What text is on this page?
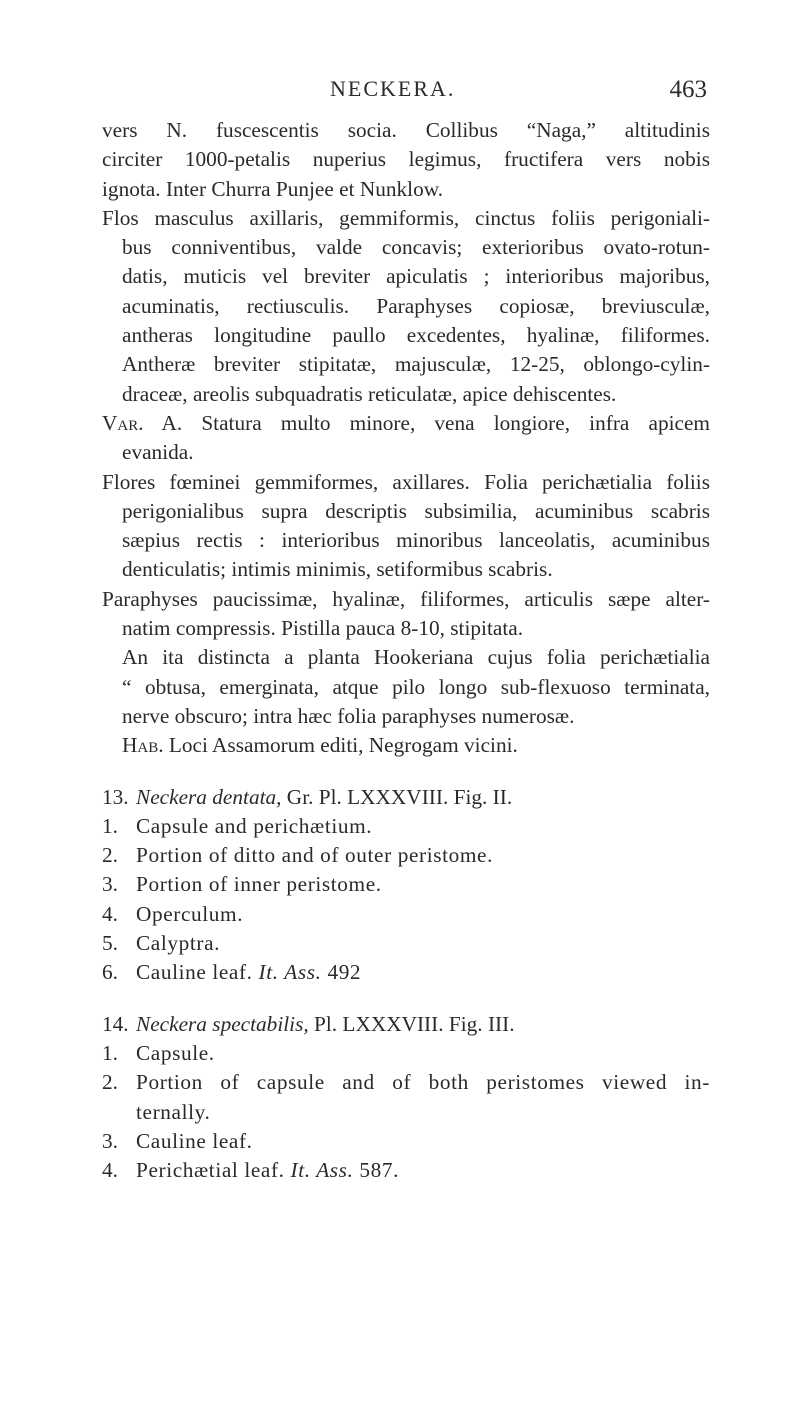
NECKERA.	463

vers N. fuscescentis socia. Collibus “Naga,” altitudinis
circiter 1000-petalis nuperius legimus, fructifera vers nobis
ignota. Inter Churra Punjee et Nunklow.

Flos masculus axillaris, gemmiformis, cinctus foliis perigoniali-
bus conniventibus, valde concavis; exterioribus ovato-rotun-
datis, muticis vel breviter apiculatis ; interioribus majoribus,
acuminatis, rectiusculis. Paraphyses copiosæ, breviusculæ,
antheras longitudine paullo excedentes, hyalinæ, filiformes.
Antheræ breviter stipitatæ, majusculæ, 12-25, oblongo-cylin-
draceæ, areolis subquadratis reticulatæ, apice dehiscentes.

Var. A. Statura multo minore, vena longiore, infra apicem
evanida.

Flores fœminei gemmiformes, axillares. Folia perichætialia foliis
perigonialibus supra descriptis subsimilia, acuminibus scabris
sæpius rectis : interioribus minoribus lanceolatis, acuminibus
denticulatis; intimis minimis, setiformibus scabris.
Paraphyses paucissimæ, hyalinæ, filiformes, articulis sæpe alter-
natim compressis. Pistilla pauca 8-10, stipitata.
An ita distincta a planta Hookeriana cujus folia perichætialia
“ obtusa, emerginata, atque pilo longo sub-flexuoso terminata,
nerve obscuro; intra hæc folia paraphyses numerosæ.

Hab. Loci Assamorum editi, Negrogam vicini.

13. Neckera dentata, Gr. Pl. LXXXVIII. Fig. II.
1. Capsule and perichætium.
2. Portion of ditto and of outer peristome.
3. Portion of inner peristome.
4. Operculum.
5. Calyptra.
6. Cauline leaf. It. Ass. 492
14. Neckera spectabilis, Pl. LXXXVIII. Fig. III.
1. Capsule.
2. Portion of capsule and of both peristomes viewed in-
ternally.
3. Cauline leaf.
4. Perichætial leaf. It. Ass. 587.
